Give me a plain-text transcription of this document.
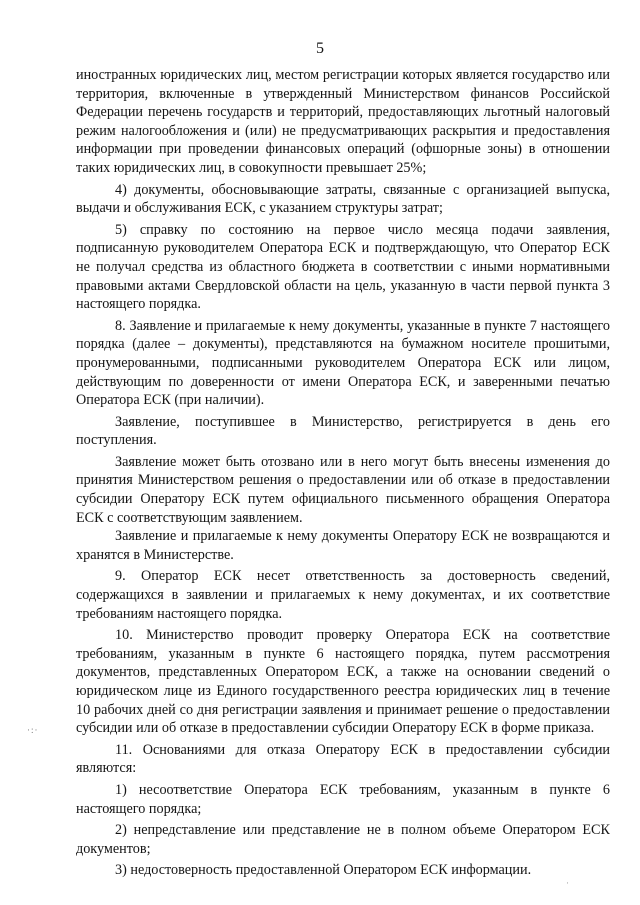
5

иностранных юридических лиц, местом регистрации которых является государство или территория, включенные в утвержденный Министерством финансов Российской Федерации перечень государств и территорий, предоставляющих льготный налоговый режим налогообложения и (или) не предусматривающих раскрытия и предоставления информации при проведении финансовых операций (офшорные зоны) в отношении таких юридических лиц, в совокупности превышает 25%;

4) документы, обосновывающие затраты, связанные с организацией выпуска, выдачи и обслуживания ЕСК, с указанием структуры затрат;

5) справку по состоянию на первое число месяца подачи заявления, подписанную руководителем Оператора ЕСК и подтверждающую, что Оператор ЕСК не получал средства из областного бюджета в соответствии с иными нормативными правовыми актами Свердловской области на цель, указанную в части первой пункта 3 настоящего порядка.

8. Заявление и прилагаемые к нему документы, указанные в пункте 7 настоящего порядка (далее – документы), представляются на бумажном носителе прошитыми, пронумерованными, подписанными руководителем Оператора ЕСК или лицом, действующим по доверенности от имени Оператора ЕСК, и заверенными печатью Оператора ЕСК (при наличии).

Заявление, поступившее в Министерство, регистрируется в день его поступления.

Заявление может быть отозвано или в него могут быть внесены изменения до принятия Министерством решения о предоставлении или об отказе в предоставлении субсидии Оператору ЕСК путем официального письменного обращения Оператора ЕСК с соответствующим заявлением.

Заявление и прилагаемые к нему документы Оператору ЕСК не возвращаются и хранятся в Министерстве.

9. Оператор ЕСК несет ответственность за достоверность сведений, содержащихся в заявлении и прилагаемых к нему документах, и их соответствие требованиям настоящего порядка.

10. Министерство проводит проверку Оператора ЕСК на соответствие требованиям, указанным в пункте 6 настоящего порядка, путем рассмотрения документов, представленных Оператором ЕСК, а также на основании сведений о юридическом лице из Единого государственного реестра юридических лиц в течение 10 рабочих дней со дня регистрации заявления и принимает решение о предоставлении субсидии или об отказе в предоставлении субсидии Оператору ЕСК в форме приказа.

11. Основаниями для отказа Оператору ЕСК в предоставлении субсидии являются:

1) несоответствие Оператора ЕСК требованиям, указанным в пункте 6 настоящего порядка;

2) непредставление или представление не в полном объеме Оператором ЕСК документов;

3) недостоверность предоставленной Оператором ЕСК информации.

·:·
·
